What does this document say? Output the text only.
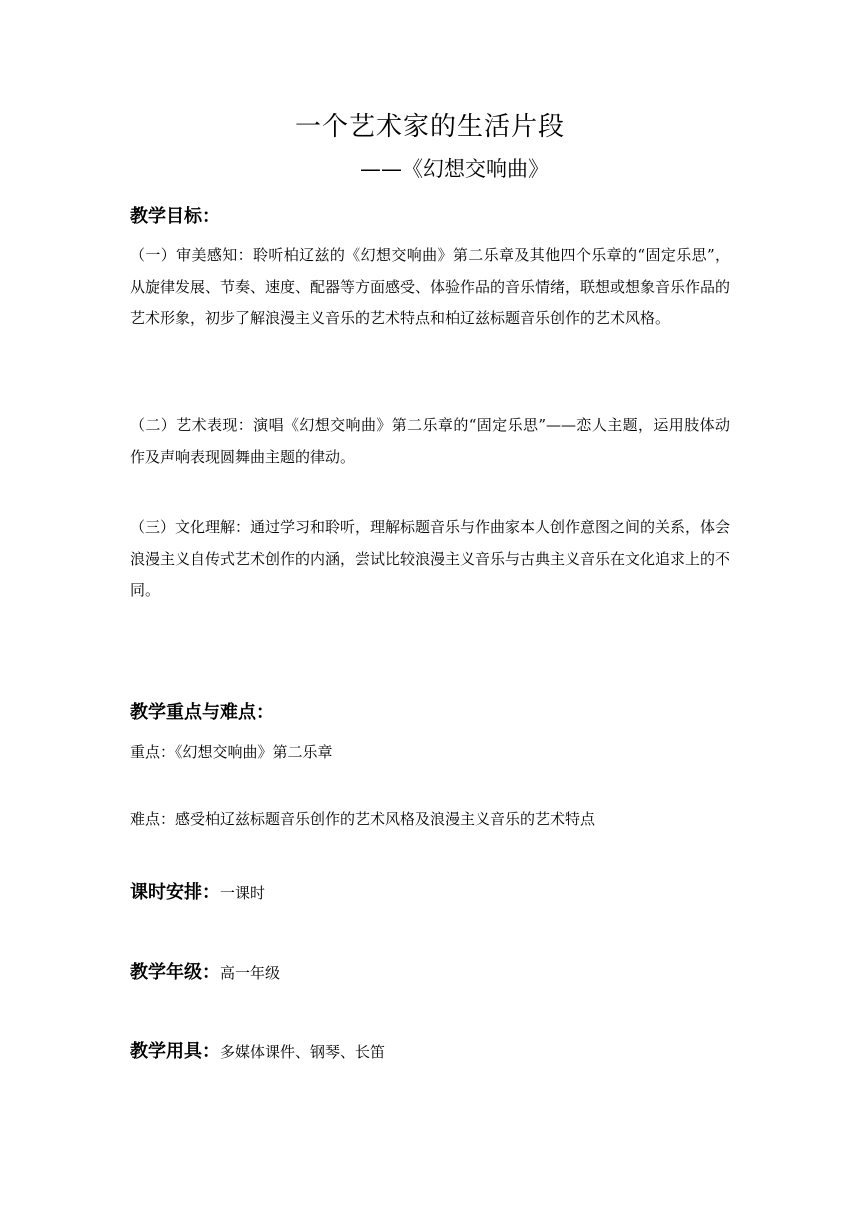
一个艺术家的生活片段
——《幻想交响曲》
教学目标：
（一）审美感知：聆听柏辽兹的《幻想交响曲》第二乐章及其他四个乐章的“固定乐思”，从旋律发展、节奏、速度、配器等方面感受、体验作品的音乐情绪，联想或想象音乐作品的艺术形象，初步了解浪漫主义音乐的艺术特点和柏辽兹标题音乐创作的艺术风格。
（二）艺术表现：演唱《幻想交响曲》第二乐章的“固定乐思”——恋人主题，运用肢体动作及声响表现圆舞曲主题的律动。
（三）文化理解：通过学习和聆听，理解标题音乐与作曲家本人创作意图之间的关系，体会浪漫主义自传式艺术创作的内涵，尝试比较浪漫主义音乐与古典主义音乐在文化追求上的不同。
教学重点与难点：
重点：《幻想交响曲》第二乐章
难点：感受柏辽兹标题音乐创作的艺术风格及浪漫主义音乐的艺术特点
课时安排：一课时
教学年级：高一年级
教学用具：多媒体课件、钢琴、长笛
